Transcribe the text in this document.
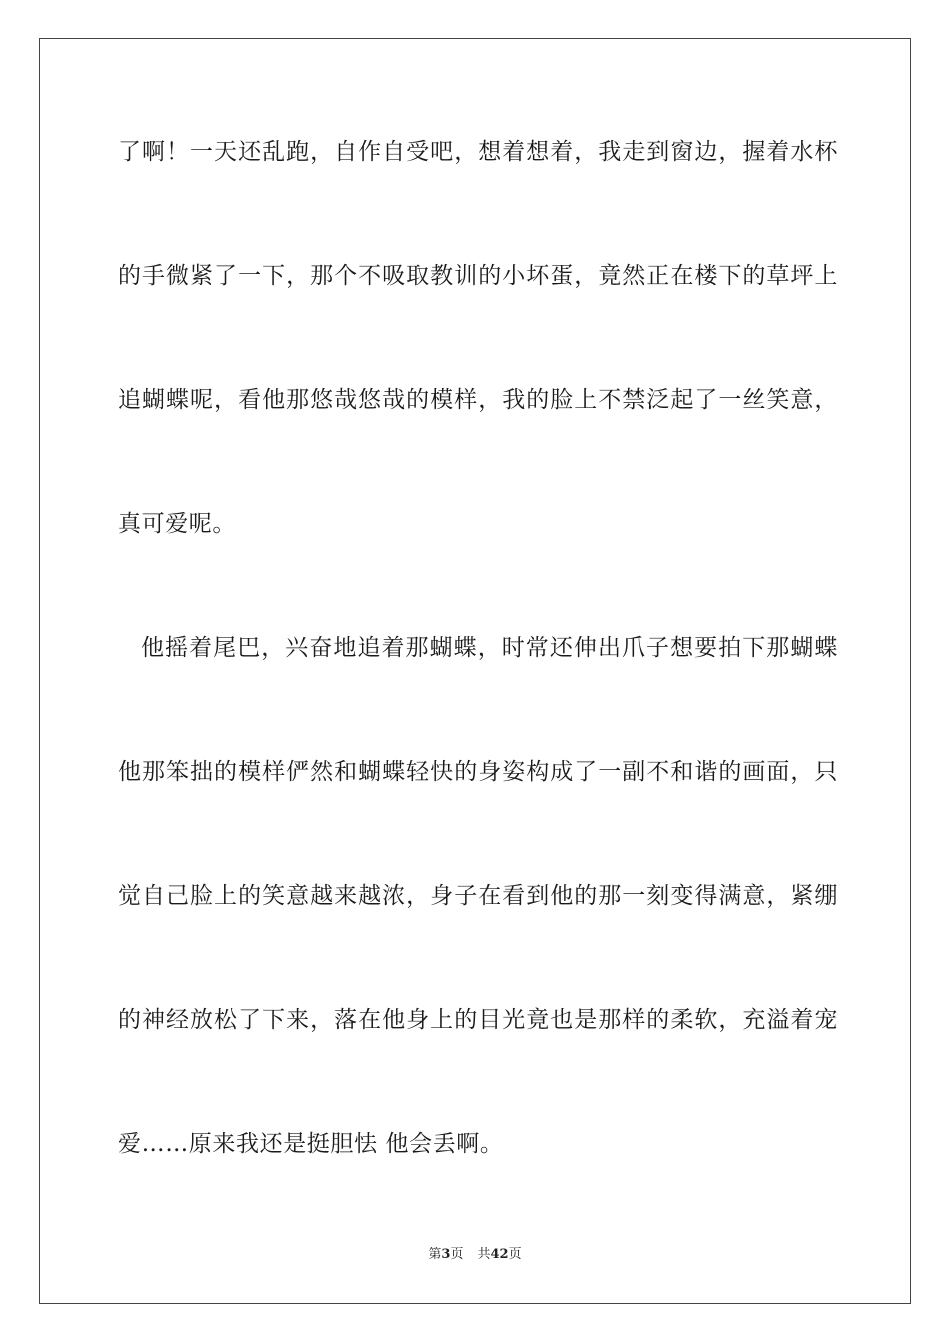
了啊！一天还乱跑，自作自受吧，想着想着，我走到窗边，握着水杯
的手微紧了一下，那个不吸取教训的小坏蛋，竟然正在楼下的草坪上
追蝴蝶呢，看他那悠哉悠哉的模样，我的脸上不禁泛起了一丝笑意，
真可爱呢。
他摇着尾巴，兴奋地追着那蝴蝶，时常还伸出爪子想要拍下那蝴蝶
他那笨拙的模样俨然和蝴蝶轻快的身姿构成了一副不和谐的画面，只
觉自己脸上的笑意越来越浓，身子在看到他的那一刻变得满意，紧绷
的神经放松了下来，落在他身上的目光竟也是那样的柔软，充溢着宠
爱……原来我还是挺胆怯 他会丢啊。
第3页 共42页
